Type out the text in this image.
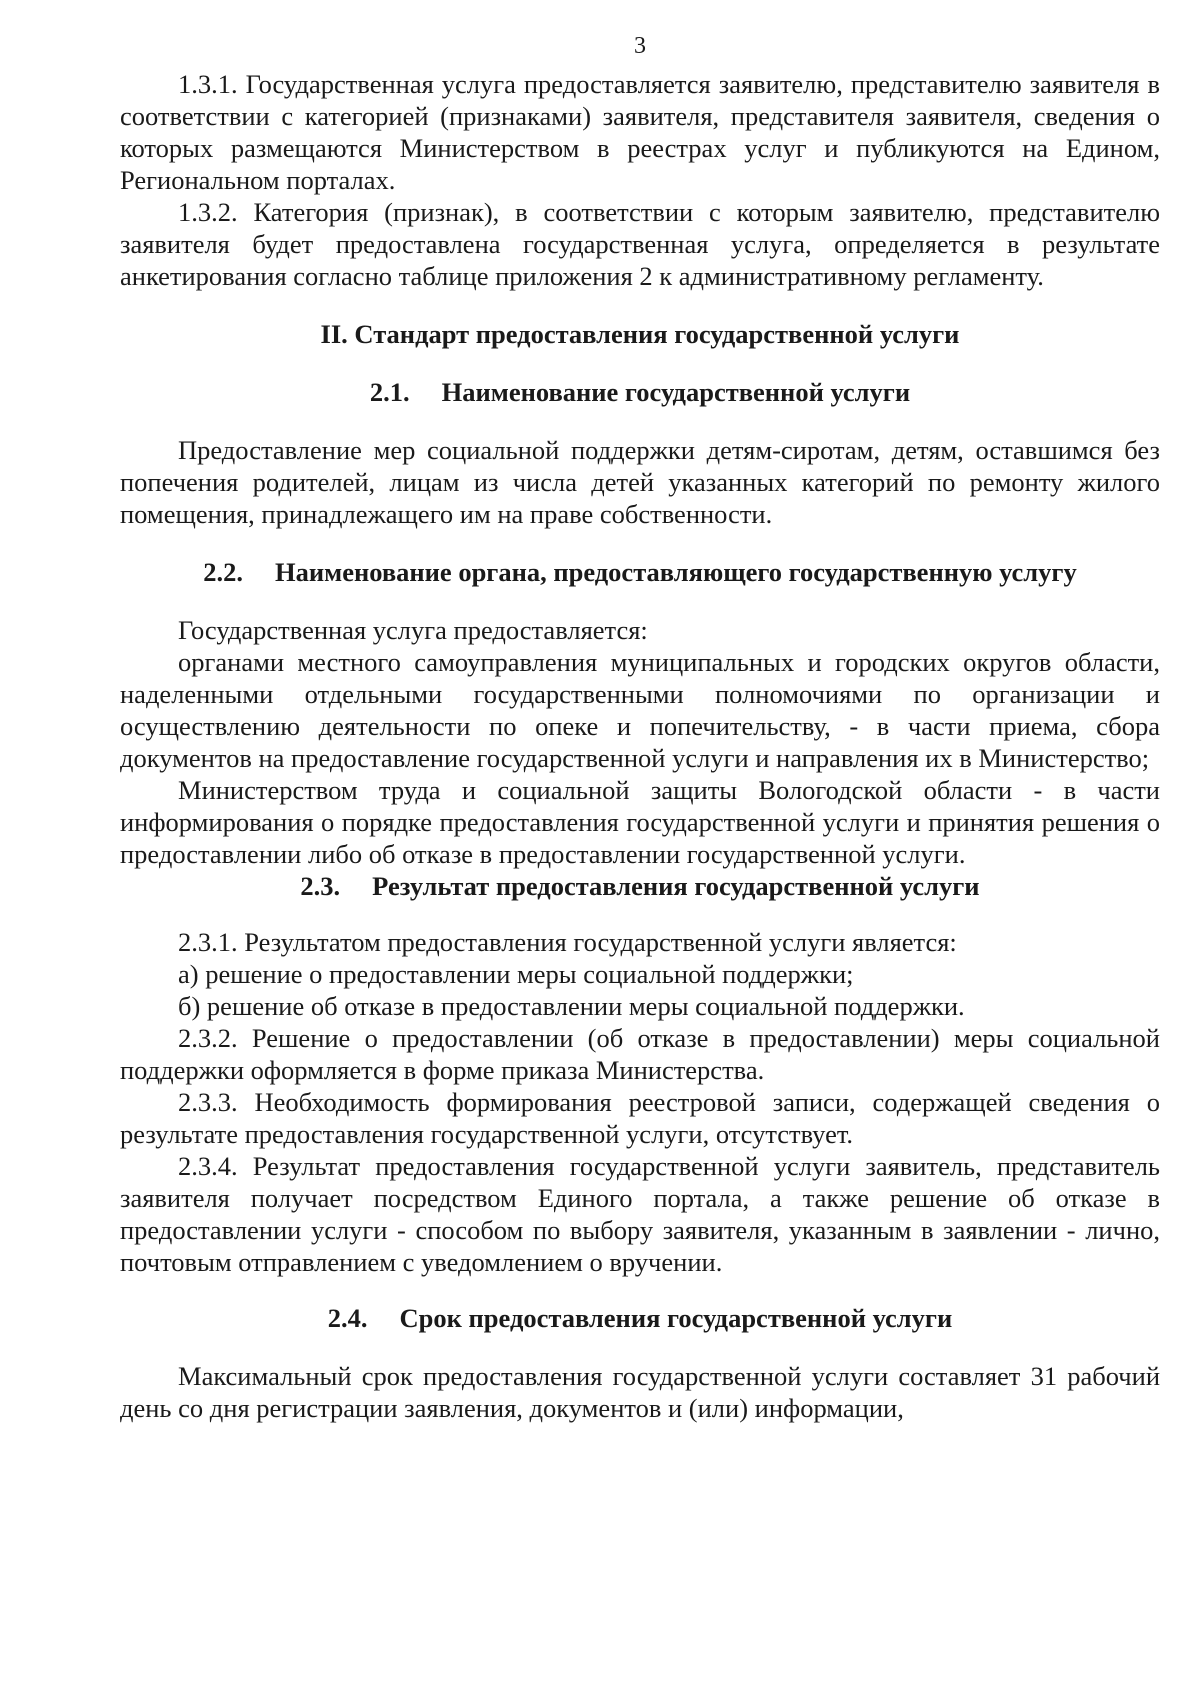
3

1.3.1. Государственная услуга предоставляется заявителю, представителю заявителя в соответствии с категорией (признаками) заявителя, представителя заявителя, сведения о которых размещаются Министерством в реестрах услуг и публикуются на Едином, Региональном порталах.

1.3.2. Категория (признак), в соответствии с которым заявителю, представителю заявителя будет предоставлена государственная услуга, определяется в результате анкетирования согласно таблице приложения 2 к административному регламенту.

II. Стандарт предоставления государственной услуги
2.1. Наименование государственной услуги

Предоставление мер социальной поддержки детям-сиротам, детям, оставшимся без попечения родителей, лицам из числа детей указанных категорий по ремонту жилого помещения, принадлежащего им на праве собственности.

2.2. Наименование органа, предоставляющего государственную услугу

Государственная услуга предоставляется:

органами местного самоуправления муниципальных и городских округов области, наделенными отдельными государственными полномочиями по организации и осуществлению деятельности по опеке и попечительству, - в части приема, сбора документов на предоставление государственной услуги и направления их в Министерство;

Министерством труда и социальной защиты Вологодской области - в части информирования о порядке предоставления государственной услуги и принятия решения о предоставлении либо об отказе в предоставлении государственной услуги.

2.3. Результат предоставления государственной услуги

2.3.1. Результатом предоставления государственной услуги является:

а) решение о предоставлении меры социальной поддержки;

б) решение об отказе в предоставлении меры социальной поддержки.

2.3.2. Решение о предоставлении (об отказе в предоставлении) меры социальной поддержки оформляется в форме приказа Министерства.

2.3.3. Необходимость формирования реестровой записи, содержащей сведения о результате предоставления государственной услуги, отсутствует.

2.3.4. Результат предоставления государственной услуги заявитель, представитель заявителя получает посредством Единого портала, а также решение об отказе в предоставлении услуги - способом по выбору заявителя, указанным в заявлении - лично, почтовым отправлением с уведомлением о вручении.

2.4. Срок предоставления государственной услуги

Максимальный срок предоставления государственной услуги составляет 31 рабочий день со дня регистрации заявления, документов и (или) информации,
